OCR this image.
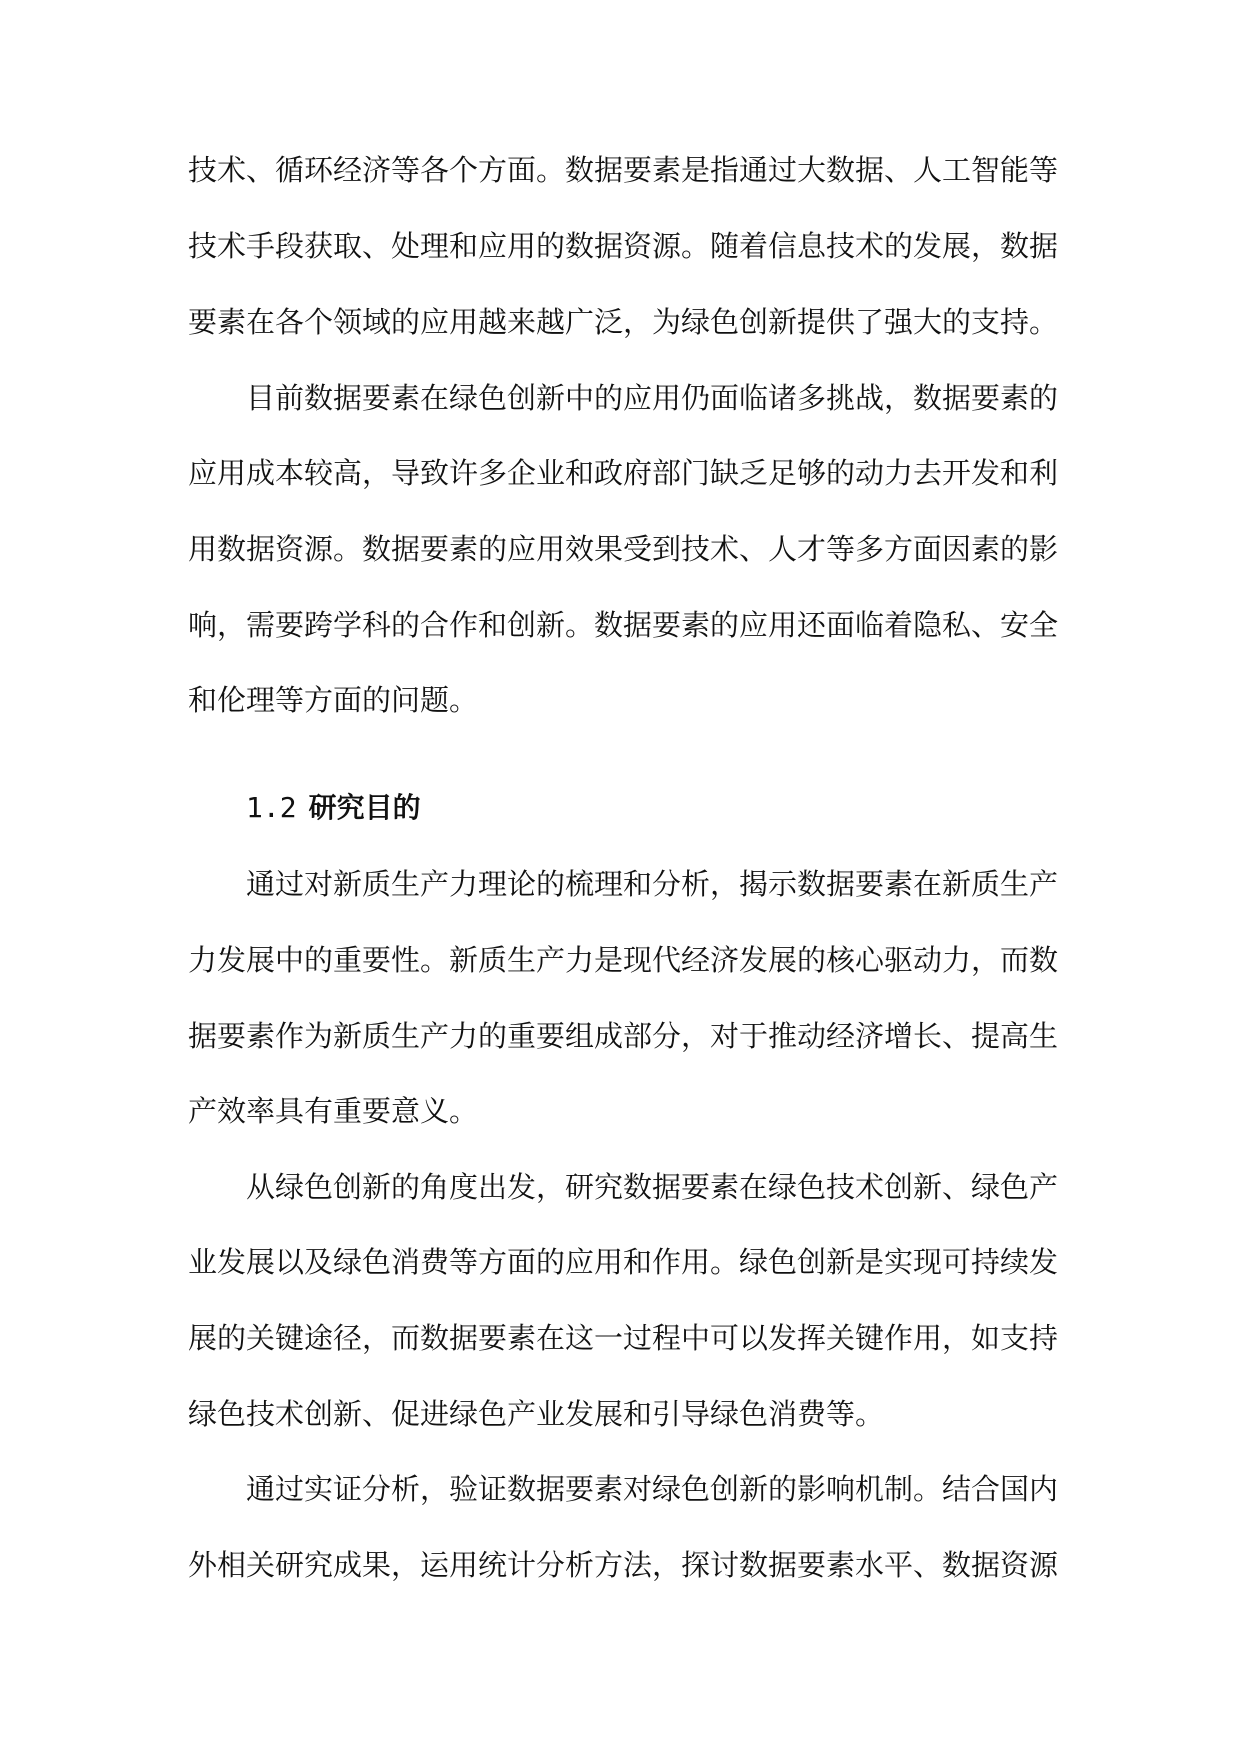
技术、循环经济等各个方面。数据要素是指通过大数据、人工智能等
技术手段获取、处理和应用的数据资源。随着信息技术的发展，数据
要素在各个领域的应用越来越广泛，为绿色创新提供了强大的支持。
目前数据要素在绿色创新中的应用仍面临诸多挑战，数据要素的
应用成本较高，导致许多企业和政府部门缺乏足够的动力去开发和利
用数据资源。数据要素的应用效果受到技术、人才等多方面因素的影
响，需要跨学科的合作和创新。数据要素的应用还面临着隐私、安全
和伦理等方面的问题。
1.2 研究目的
通过对新质生产力理论的梳理和分析，揭示数据要素在新质生产
力发展中的重要性。新质生产力是现代经济发展的核心驱动力，而数
据要素作为新质生产力的重要组成部分，对于推动经济增长、提高生
产效率具有重要意义。
从绿色创新的角度出发，研究数据要素在绿色技术创新、绿色产
业发展以及绿色消费等方面的应用和作用。绿色创新是实现可持续发
展的关键途径，而数据要素在这一过程中可以发挥关键作用，如支持
绿色技术创新、促进绿色产业发展和引导绿色消费等。
通过实证分析，验证数据要素对绿色创新的影响机制。结合国内
外相关研究成果，运用统计分析方法，探讨数据要素水平、数据资源
